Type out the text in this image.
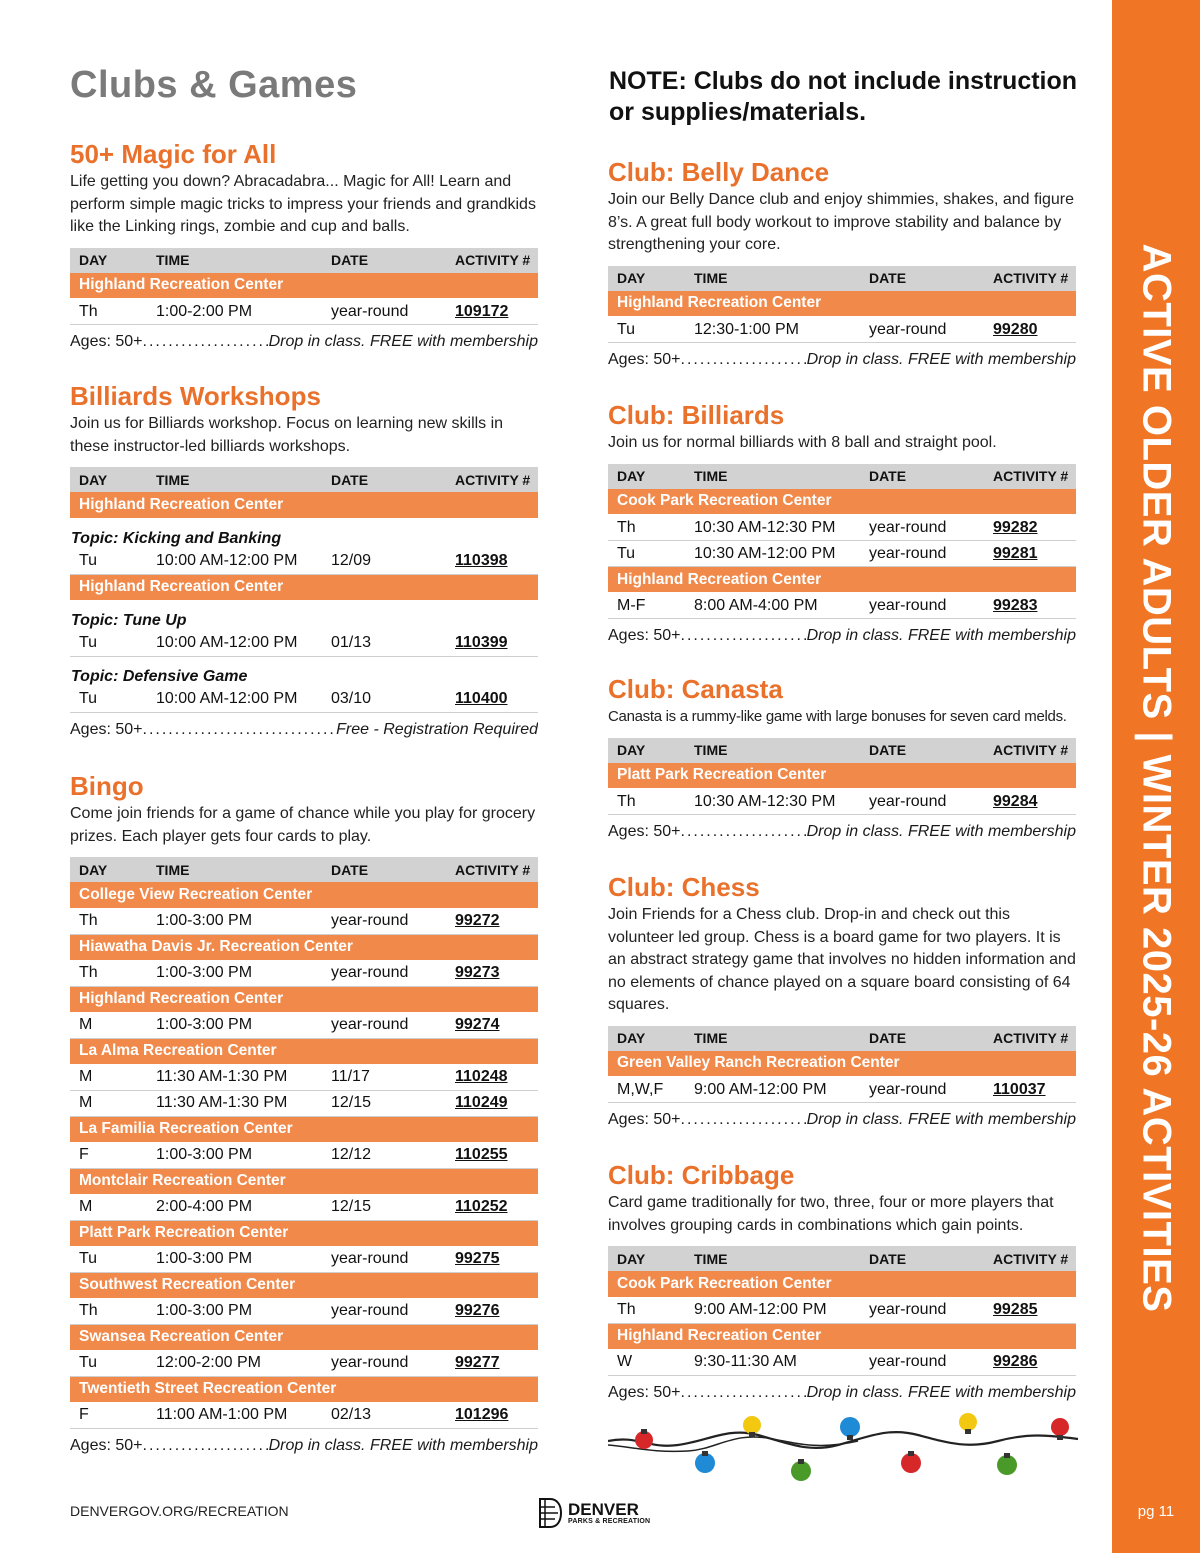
Clubs & Games	NOTE: Clubs do not include instruction or supplies/materials.
50+ Magic for All
Life getting you down? Abracadabra... Magic for All! Learn and perform simple magic tricks to impress your friends and grandkids like the Linking rings, zombie and cup and balls.
DAY	TIME	DATE	ACTIVITY #
Highland Recreation Center			
Th	1:00-2:00 PM	year-round	109172
Ages: 50+ .....	Drop in class. FREE with membership
Billiards Workshops
Join us for Billiards workshop. Focus on learning new skills in these instructor-led billiards workshops.
DAY	TIME	DATE	ACTIVITY #
Highland Recreation Center			
Topic: Kicking and Banking			
Tu	10:00 AM-12:00 PM	12/09	110398
Highland Recreation Center			
Topic: Tune Up			
Tu	10:00 AM-12:00 PM	01/13	110399
Topic: Defensive Game			
Tu	10:00 AM-12:00 PM	03/10	110400
Ages: 50+ .....	Free - Registration Required
Bingo
Come join friends for a game of chance while you play for grocery prizes. Each player gets four cards to play.
DAY	TIME	DATE	ACTIVITY #
College View Recreation Center			
Th	1:00-3:00 PM	year-round	99272
Hiawatha Davis Jr. Recreation Center			
Th	1:00-3:00 PM	year-round	99273
Highland Recreation Center			
M	1:00-3:00 PM	year-round	99274
La Alma Recreation Center			
M	11:30 AM-1:30 PM	11/17	110248
M	11:30 AM-1:30 PM	12/15	110249
La Familia Recreation Center			
F	1:00-3:00 PM	12/12	110255
Montclair Recreation Center			
M	2:00-4:00 PM	12/15	110252
Platt Park Recreation Center			
Tu	1:00-3:00 PM	year-round	99275
Southwest Recreation Center			
Th	1:00-3:00 PM	year-round	99276
Swansea Recreation Center			
Tu	12:00-2:00 PM	year-round	99277
Twentieth Street Recreation Center			
F	11:00 AM-1:00 PM	02/13	101296
Ages: 50+ .....	Drop in class. FREE with membership
Club: Belly Dance
Join our Belly Dance club and enjoy shimmies, shakes, and figure 8’s. A great full body workout to improve stability and balance by strengthening your core.
DAY	TIME	DATE	ACTIVITY #
Highland Recreation Center			
Tu	12:30-1:00 PM	year-round	99280
Ages: 50+ .....	Drop in class. FREE with membership
Club: Billiards
Join us for normal billiards with 8 ball and straight pool.
DAY	TIME	DATE	ACTIVITY #
Cook Park Recreation Center			
Th	10:30 AM-12:30 PM	year-round	99282
Tu	10:30 AM-12:00 PM	year-round	99281
Highland Recreation Center			
M-F	8:00 AM-4:00 PM	year-round	99283
Ages: 50+ .....	Drop in class. FREE with membership
Club: Canasta
Canasta is a rummy-like game with large bonuses for seven card melds.
DAY	TIME	DATE	ACTIVITY #
Platt Park Recreation Center			
Th	10:30 AM-12:30 PM	year-round	99284
Ages: 50+ .....	Drop in class. FREE with membership
Club: Chess
Join Friends for a Chess club. Drop-in and check out this volunteer led group. Chess is a board game for two players. It is an abstract strategy game that involves no hidden information and no elements of chance played on a square board consisting of 64 squares.
DAY	TIME	DATE	ACTIVITY #
Green Valley Ranch Recreation Center			
M,W,F	9:00 AM-12:00 PM	year-round	110037
Ages: 50+ .....	Drop in class. FREE with membership
Club: Cribbage
Card game traditionally for two, three, four or more players that involves grouping cards in combinations which gain points.
DAY	TIME	DATE	ACTIVITY #
Cook Park Recreation Center			
Th	9:00 AM-12:00 PM	year-round	99285
Highland Recreation Center			
W	9:30-11:30 AM	year-round	99286
Ages: 50+ .....	Drop in class. FREE with membership
ACTIVE OLDER ADULTS | WINTER 2025-26 ACTIVITIES
pg 11
DENVERGOV.ORG/RECREATION	DENVER
PARKS & RECREATION
